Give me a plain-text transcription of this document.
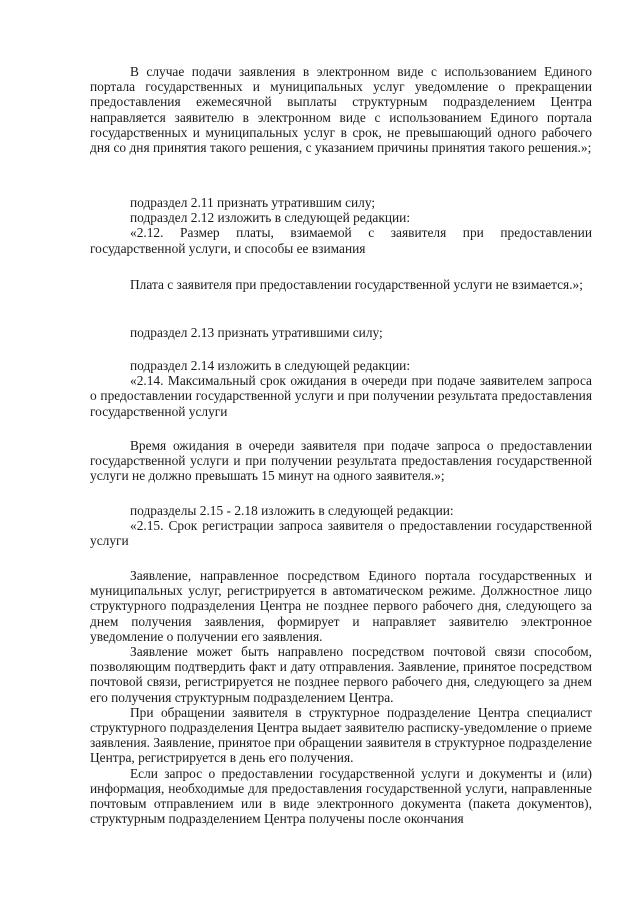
В случае подачи заявления в электронном виде с использованием Единого портала государственных и муниципальных услуг уведомление о прекращении предоставления ежемесячной выплаты структурным подразделением Центра направляется заявителю в электронном виде с использованием Единого портала государственных и муниципальных услуг в срок, не превышающий одного рабочего дня со дня принятия такого решения, с указанием причины принятия такого решения.»;

подраздел 2.11 признать утратившим силу;

подраздел 2.12 изложить в следующей редакции:

«2.12. Размер платы, взимаемой с заявителя при предоставлении государственной услуги, и способы ее взимания

Плата с заявителя при предоставлении государственной услуги не взимается.»;

подраздел 2.13 признать утратившими силу;

подраздел 2.14 изложить в следующей редакции:

«2.14. Максимальный срок ожидания в очереди при подаче заявителем запроса о предоставлении государственной услуги и при получении результата предоставления государственной услуги

Время ожидания в очереди заявителя при подаче запроса о предоставлении государственной услуги и при получении результата предоставления государственной услуги не должно превышать 15 минут на одного заявителя.»;

подразделы 2.15 - 2.18 изложить в следующей редакции:

«2.15. Срок регистрации запроса заявителя о предоставлении государственной услуги

Заявление, направленное посредством Единого портала государственных и муниципальных услуг, регистрируется в автоматическом режиме. Должностное лицо структурного подразделения Центра не позднее первого рабочего дня, следующего за днем получения заявления, формирует и направляет заявителю электронное уведомление о получении его заявления.

Заявление может быть направлено посредством почтовой связи способом, позволяющим подтвердить факт и дату отправления. Заявление, принятое посредством почтовой связи, регистрируется не позднее первого рабочего дня, следующего за днем его получения структурным подразделением Центра.

При обращении заявителя в структурное подразделение Центра специалист структурного подразделения Центра выдает заявителю расписку-уведомление о приеме заявления. Заявление, принятое при обращении заявителя в структурное подразделение Центра, регистрируется в день его получения.

Если запрос о предоставлении государственной услуги и документы и (или) информация, необходимые для предоставления государственной услуги, направленные почтовым отправлением или в виде электронного документа (пакета документов), структурным подразделением Центра получены после окончания
